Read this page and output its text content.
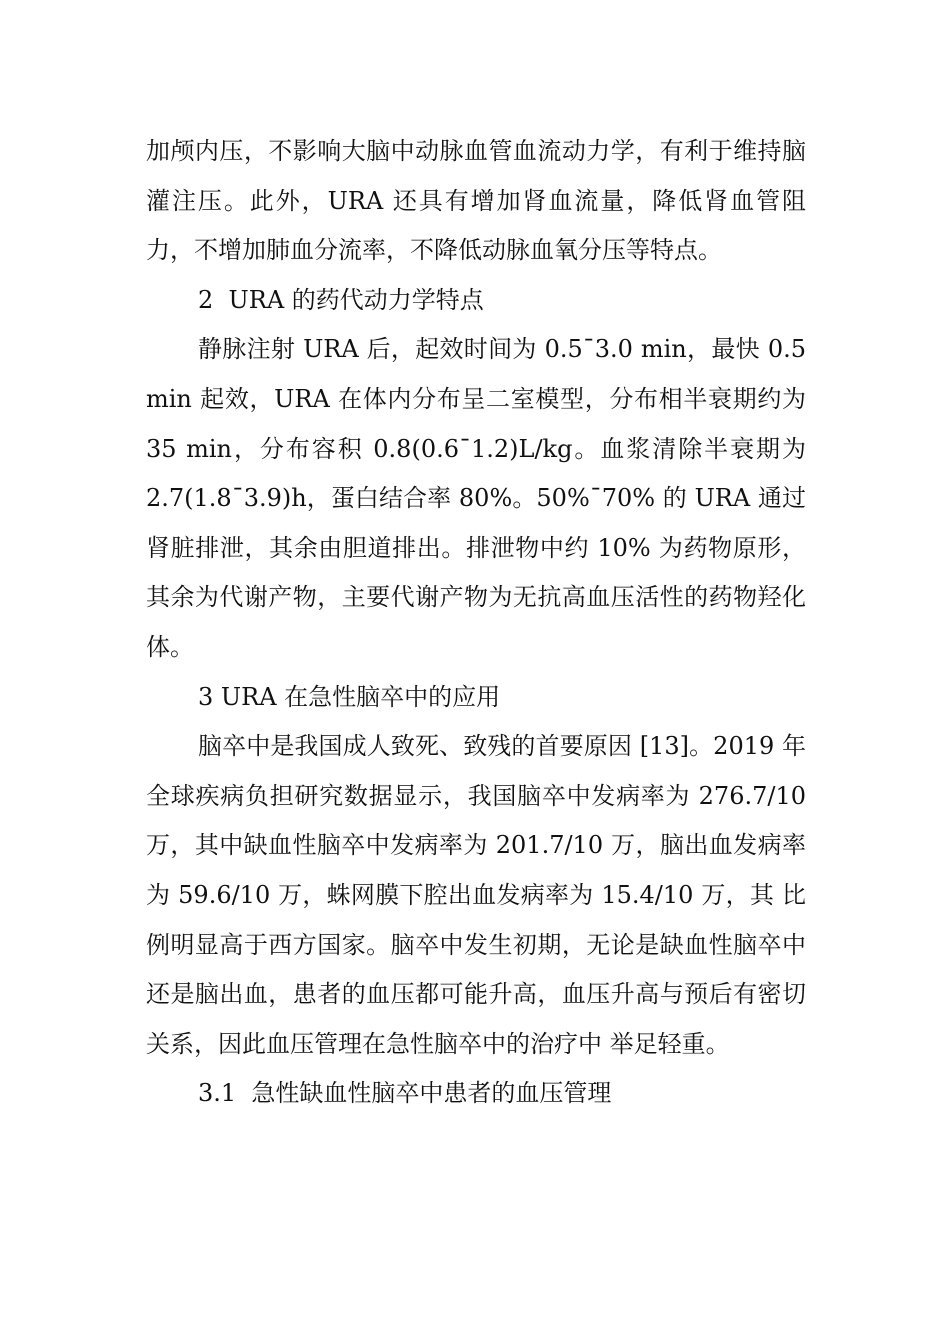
加颅内压，不影响大脑中动脉血管血流动力学，有利于维持脑灌注压。此外，URA 还具有增加肾血流量，降低肾血管阻力，不增加肺血分流率，不降低动脉血氧分压等特点。

2  URA 的药代动力学特点

静脉注射 URA 后，起效时间为 0.5¯3.0 min，最快 0.5 min 起效，URA 在体内分布呈二室模型，分布相半衰期约为 35 min，分布容积 0.8(0.6¯1.2)L/kg。血浆清除半衰期为 2.7(1.8¯3.9)h，蛋白结合率 80%。50%¯70% 的 URA 通过肾脏排泄，其余由胆道排出。排泄物中约 10% 为药物原形，其余为代谢产物，主要代谢产物为无抗高血压活性的药物羟化体。

3 URA 在急性脑卒中的应用

脑卒中是我国成人致死、致残的首要原因 [13]。2019 年全球疾病负担研究数据显示，我国脑卒中发病率为 276.7/10 万，其中缺血性脑卒中发病率为 201.7/10 万，脑出血发病率为 59.6/10 万，蛛网膜下腔出血发病率为 15.4/10 万，其 比例明显高于西方国家。脑卒中发生初期，无论是缺血性脑卒中还是脑出血，患者的血压都可能升高，血压升高与预后有密切关系，因此血压管理在急性脑卒中的治疗中 举足轻重。

3.1  急性缺血性脑卒中患者的血压管理
